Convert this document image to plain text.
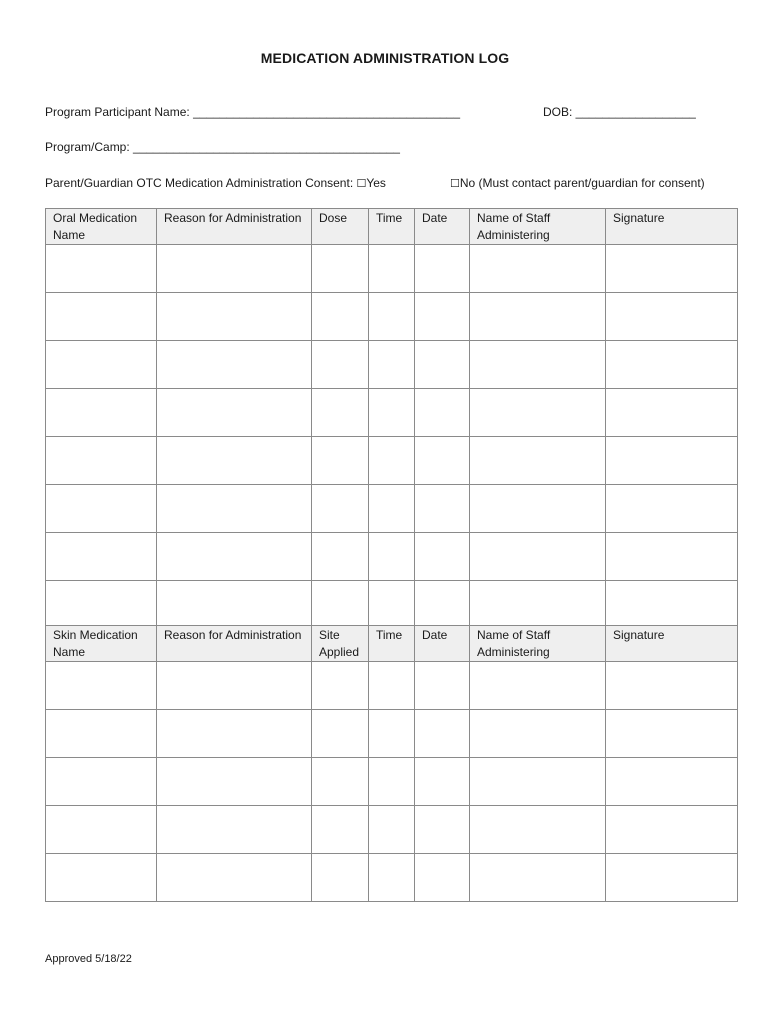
MEDICATION ADMINISTRATION LOG
Program Participant Name: ________________________________________	DOB: __________________
Program/Camp: ________________________________________
Parent/Guardian OTC Medication Administration Consent: ☐Yes	☐No (Must contact parent/guardian for consent)
Oral Medication Name	Reason for Administration	Dose	Time	Date	Name of Staff Administering	Signature

Skin Medication Name	Reason for Administration	Site Applied	Time	Date	Name of Staff Administering	Signature

Approved 5/18/22
